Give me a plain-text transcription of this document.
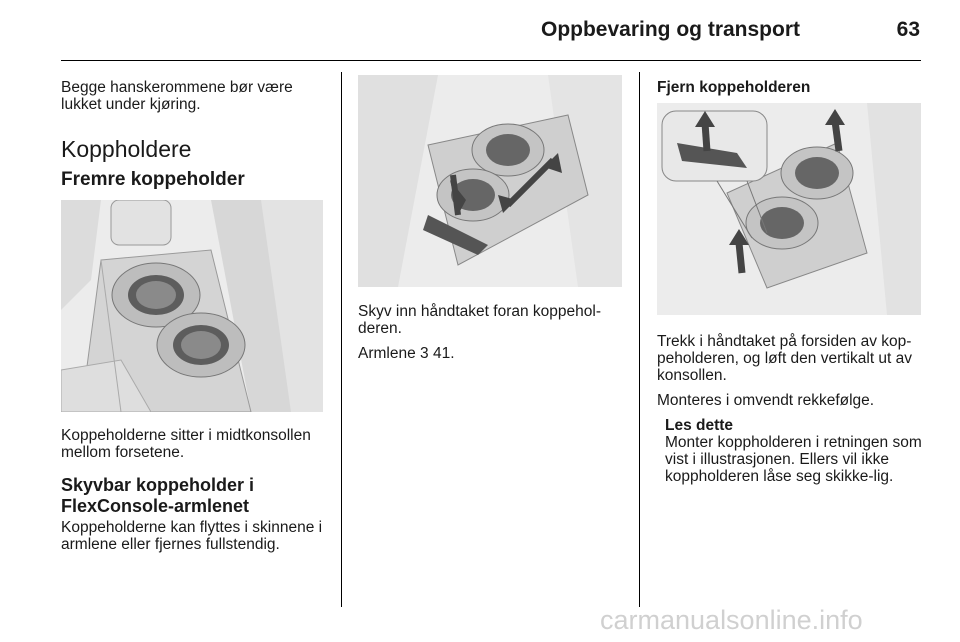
Oppbevaring og transport	63
Begge hanskerommene bør være lukket under kjøring.
Koppholdere
Fremre koppeholder
Koppeholderne sitter i midtkonsollen mellom forsetene.
Skyvbar koppeholder i FlexConsole-armlenet
Koppeholderne kan flyttes i skinnene i armlene eller fjernes fullstendig.
Skyv inn håndtaket foran koppehol-deren.
Armlene 3 41.
Fjern koppeholderen
Trekk i håndtaket på forsiden av kop-peholderen, og løft den vertikalt ut av konsollen.
Monteres i omvendt rekkefølge.
Les dette
Monter koppholderen i retningen som vist i illustrasjonen. Ellers vil ikke koppholderen låse seg skikke-lig.
carmanualsonline.info
